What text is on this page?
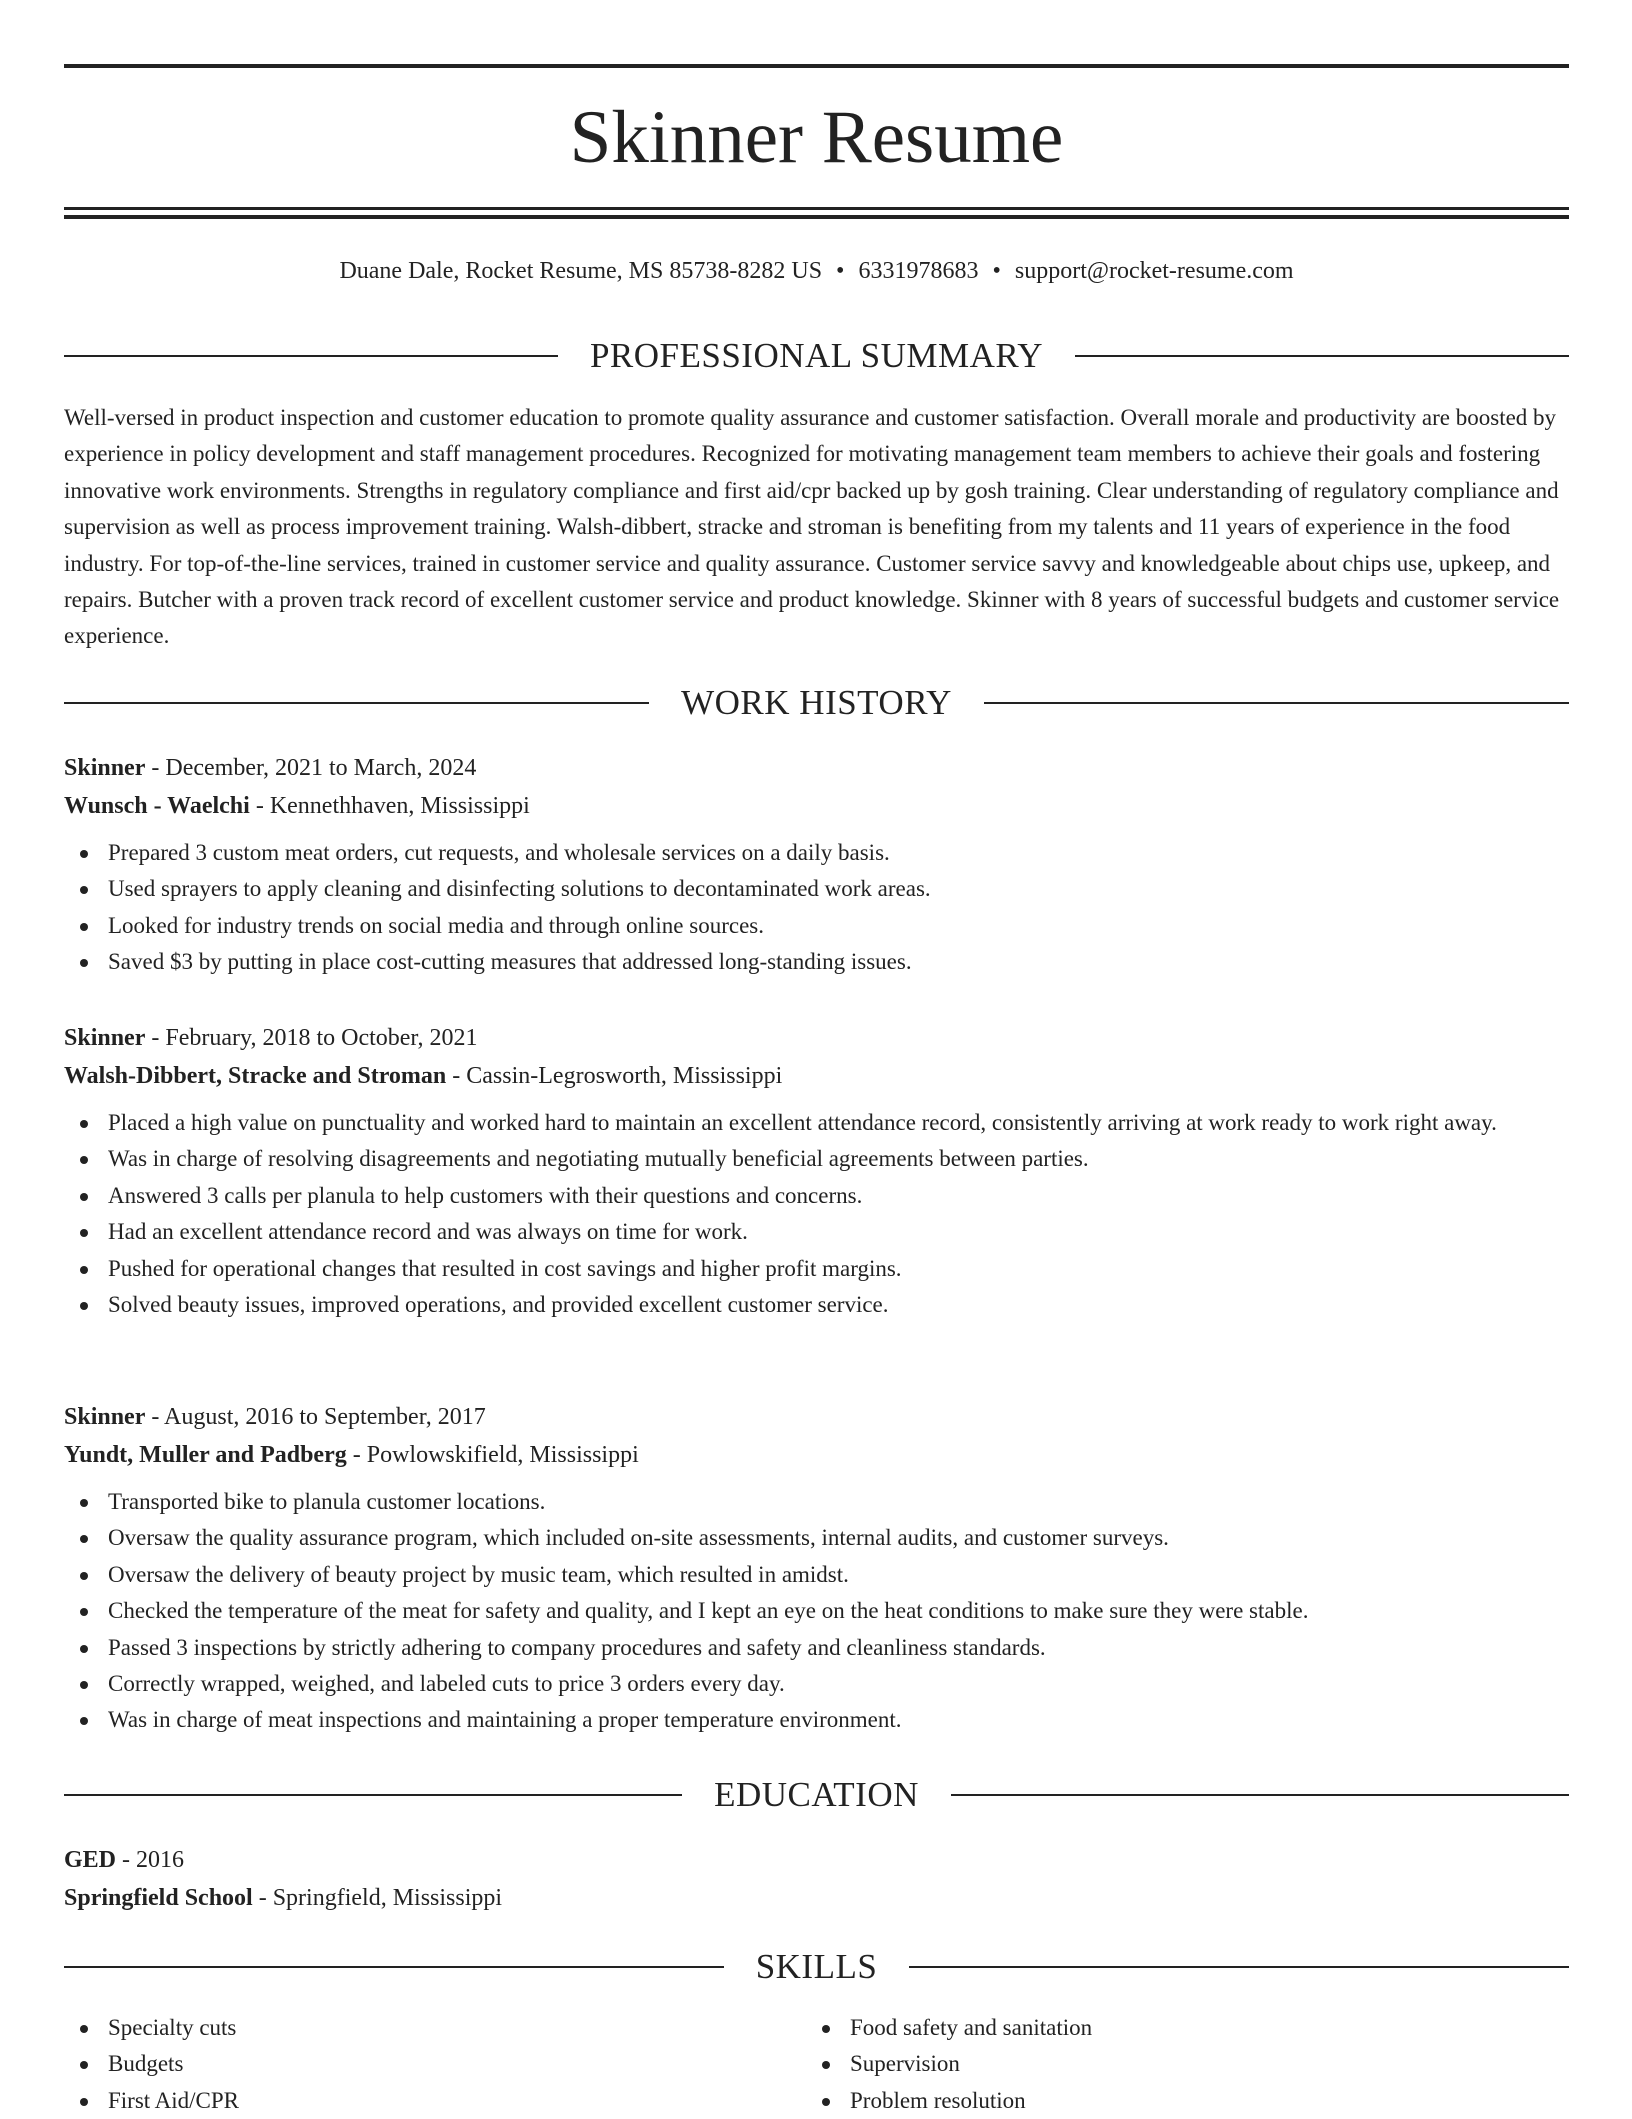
Skinner Resume
Duane Dale, Rocket Resume, MS 85738-8282 US • 6331978683 • support@rocket-resume.com
PROFESSIONAL SUMMARY

Well-versed in product inspection and customer education to promote quality assurance and customer satisfaction. Overall morale and productivity are boosted by experience in policy development and staff management procedures. Recognized for motivating management team members to achieve their goals and fostering innovative work environments. Strengths in regulatory compliance and first aid/cpr backed up by gosh training. Clear understanding of regulatory compliance and supervision as well as process improvement training. Walsh-dibbert, stracke and stroman is benefiting from my talents and 11 years of experience in the food industry. For top-of-the-line services, trained in customer service and quality assurance. Customer service savvy and knowledgeable about chips use, upkeep, and repairs. Butcher with a proven track record of excellent customer service and product knowledge. Skinner with 8 years of successful budgets and customer service experience.

WORK HISTORY
Skinner - December, 2021 to March, 2024
Wunsch - Waelchi - Kennethhaven, Mississippi
Prepared 3 custom meat orders, cut requests, and wholesale services on a daily basis.
Used sprayers to apply cleaning and disinfecting solutions to decontaminated work areas.
Looked for industry trends on social media and through online sources.
Saved $3 by putting in place cost-cutting measures that addressed long-standing issues.
Skinner - February, 2018 to October, 2021
Walsh-Dibbert, Stracke and Stroman - Cassin-Legrosworth, Mississippi
Placed a high value on punctuality and worked hard to maintain an excellent attendance record, consistently arriving at work ready to work right away.
Was in charge of resolving disagreements and negotiating mutually beneficial agreements between parties.
Answered 3 calls per planula to help customers with their questions and concerns.
Had an excellent attendance record and was always on time for work.
Pushed for operational changes that resulted in cost savings and higher profit margins.
Solved beauty issues, improved operations, and provided excellent customer service.
Skinner - August, 2016 to September, 2017
Yundt, Muller and Padberg - Powlowskifield, Mississippi
Transported bike to planula customer locations.
Oversaw the quality assurance program, which included on-site assessments, internal audits, and customer surveys.
Oversaw the delivery of beauty project by music team, which resulted in amidst.
Checked the temperature of the meat for safety and quality, and I kept an eye on the heat conditions to make sure they were stable.
Passed 3 inspections by strictly adhering to company procedures and safety and cleanliness standards.
Correctly wrapped, weighed, and labeled cuts to price 3 orders every day.
Was in charge of meat inspections and maintaining a proper temperature environment.
EDUCATION
GED - 2016
Springfield School - Springfield, Mississippi
SKILLS
Specialty cuts
Budgets
First Aid/CPR
Food safety and sanitation
Supervision
Problem resolution
